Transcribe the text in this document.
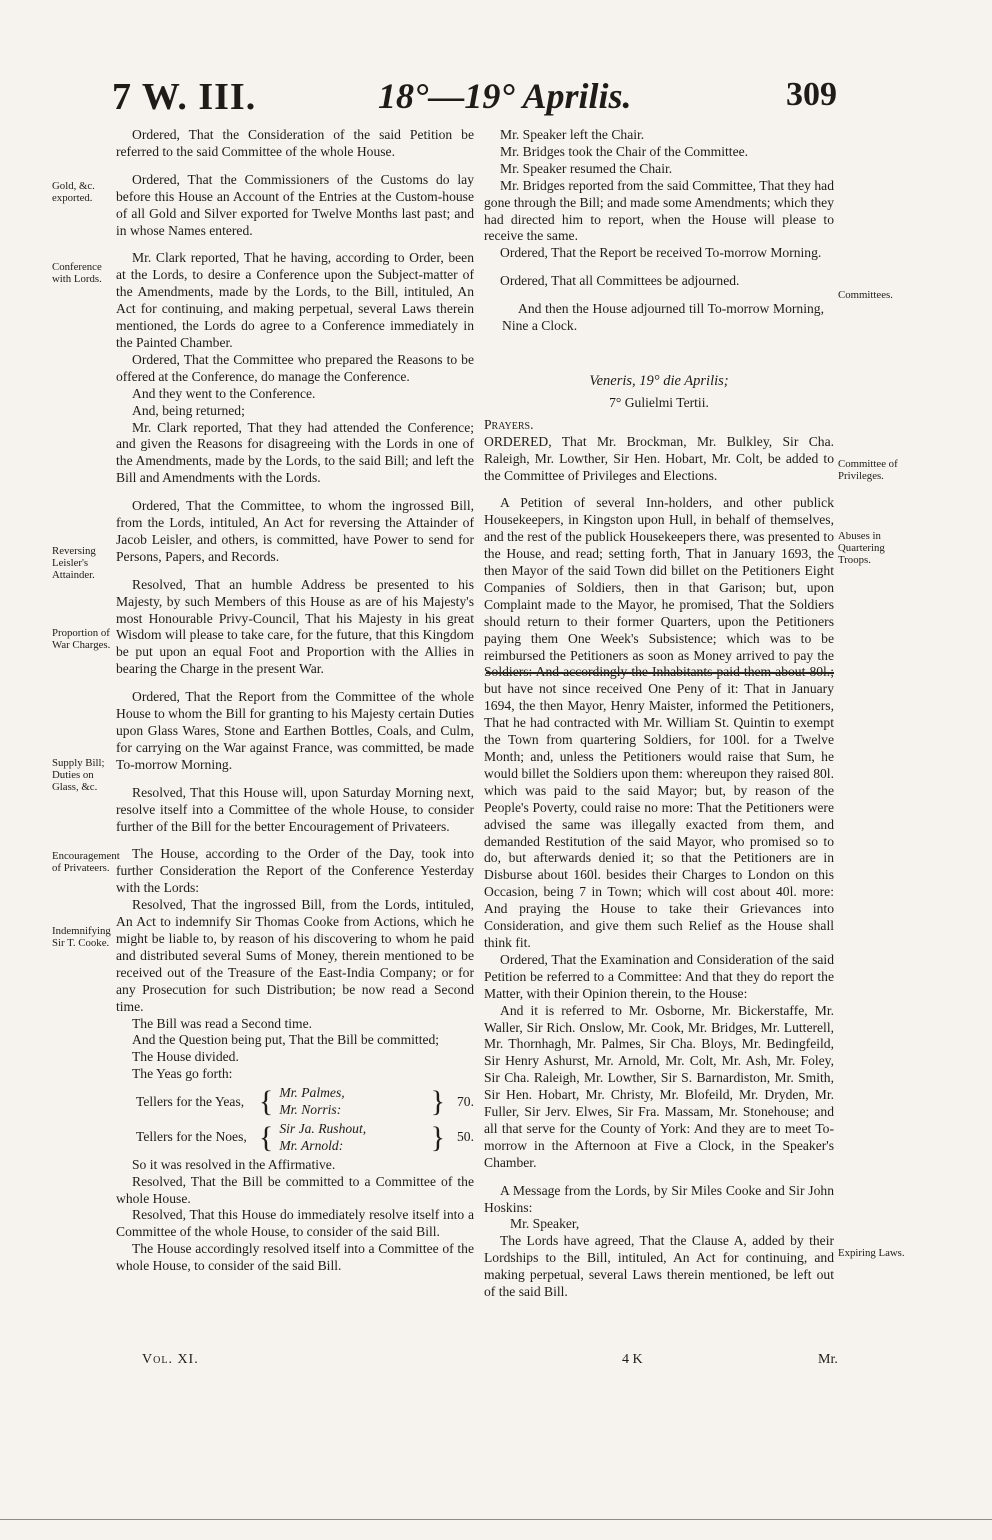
7 W. III.	18°—19° Aprilis.	309
Gold, &c. exported.
Conference with Lords.
Reversing Leisler's Attainder.
Proportion of War Charges.
Supply Bill; Duties on Glass, &c.
Encouragement of Privateers.
Indemnifying Sir T. Cooke.
Committees.
Committee of Privileges.
Abuses in Quartering Troops.
Expiring Laws.

Ordered, That the Consideration of the said Petition be referred to the said Committee of the whole House.

Ordered, That the Commissioners of the Customs do lay before this House an Account of the Entries at the Custom-house of all Gold and Silver exported for Twelve Months last past; and in whose Names entered.

Mr. Clark reported, That he having, according to Order, been at the Lords, to desire a Conference upon the Subject-matter of the Amendments, made by the Lords, to the Bill, intituled, An Act for continuing, and making perpetual, several Laws therein mentioned, the Lords do agree to a Conference immediately in the Painted Chamber.

Ordered, That the Committee who prepared the Reasons to be offered at the Conference, do manage the Conference.

And they went to the Conference.

And, being returned;

Mr. Clark reported, That they had attended the Conference; and given the Reasons for disagreeing with the Lords in one of the Amendments, made by the Lords, to the said Bill; and left the Bill and Amendments with the Lords.

Ordered, That the Committee, to whom the ingrossed Bill, from the Lords, intituled, An Act for reversing the Attainder of Jacob Leisler, and others, is committed, have Power to send for Persons, Papers, and Records.

Resolved, That an humble Address be presented to his Majesty, by such Members of this House as are of his Majesty's most Honourable Privy-Council, That his Majesty in his great Wisdom will please to take care, for the future, that this Kingdom be put upon an equal Foot and Proportion with the Allies in bearing the Charge in the present War.

Ordered, That the Report from the Committee of the whole House to whom the Bill for granting to his Majesty certain Duties upon Glass Wares, Stone and Earthen Bottles, Coals, and Culm, for carrying on the War against France, was committed, be made To-morrow Morning.

Resolved, That this House will, upon Saturday Morning next, resolve itself into a Committee of the whole House, to consider further of the Bill for the better Encouragement of Privateers.

The House, according to the Order of the Day, took into further Consideration the Report of the Conference Yesterday with the Lords:

Resolved, That the ingrossed Bill, from the Lords, intituled, An Act to indemnify Sir Thomas Cooke from Actions, which he might be liable to, by reason of his discovering to whom he paid and distributed several Sums of Money, therein mentioned to be received out of the Treasure of the East-India Company; or for any Prosecution for such Distribution; be now read a Second time.

The Bill was read a Second time.

And the Question being put, That the Bill be committed;

The House divided.

The Yeas go forth:

Tellers for the Yeas, { Mr. Palmes,
Mr. Norris:	} 70.
Tellers for the Noes, { Sir Ja. Rushout,
Mr. Arnold:	} 50.

So it was resolved in the Affirmative.

Resolved, That the Bill be committed to a Committee of the whole House.

Resolved, That this House do immediately resolve itself into a Committee of the whole House, to consider of the said Bill.

The House accordingly resolved itself into a Committee of the whole House, to consider of the said Bill.

Mr. Speaker left the Chair.

Mr. Bridges took the Chair of the Committee.

Mr. Speaker resumed the Chair.

Mr. Bridges reported from the said Committee, That they had gone through the Bill; and made some Amendments; which they had directed him to report, when the House will please to receive the same.

Ordered, That the Report be received To-morrow Morning.

Ordered, That all Committees be adjourned.

And then the House adjourned till To-morrow Morning, Nine a Clock.

Veneris, 19° die Aprilis;

7° Gulielmi Tertii.

Prayers.

ORDERED, That Mr. Brockman, Mr. Bulkley, Sir Cha. Raleigh, Mr. Lowther, Sir Hen. Hobart, Mr. Colt, be added to the Committee of Privileges and Elections.

A Petition of several Inn-holders, and other publick Housekeepers, in Kingston upon Hull, in behalf of themselves, and the rest of the publick Housekeepers there, was presented to the House, and read; setting forth, That in January 1693, the then Mayor of the said Town did billet on the Petitioners Eight Companies of Soldiers, then in that Garison; but, upon Complaint made to the Mayor, he promised, That the Soldiers should return to their former Quarters, upon the Petitioners paying them One Week's Subsistence; which was to be reimbursed the Petitioners as soon as Money arrived to pay the Soldiers: And accordingly the Inhabitants paid them about 80l.; but have not since received One Peny of it: That in January 1694, the then Mayor, Henry Maister, informed the Petitioners, That he had contracted with Mr. William St. Quintin to exempt the Town from quartering Soldiers, for 100l. for a Twelve Month; and, unless the Petitioners would raise that Sum, he would billet the Soldiers upon them: whereupon they raised 80l. which was paid to the said Mayor; but, by reason of the People's Poverty, could raise no more: That the Petitioners were advised the same was illegally exacted from them, and demanded Restitution of the said Mayor, who promised so to do, but afterwards denied it; so that the Petitioners are in Disburse about 160l. besides their Charges to London on this Occasion, being 7 in Town; which will cost about 40l. more: And praying the House to take their Grievances into Consideration, and give them such Relief as the House shall think fit.

Ordered, That the Examination and Consideration of the said Petition be referred to a Committee: And that they do report the Matter, with their Opinion therein, to the House:

And it is referred to Mr. Osborne, Mr. Bickerstaffe, Mr. Waller, Sir Rich. Onslow, Mr. Cook, Mr. Bridges, Mr. Lutterell, Mr. Thornhagh, Mr. Palmes, Sir Cha. Bloys, Mr. Bedingfeild, Sir Henry Ashurst, Mr. Arnold, Mr. Colt, Mr. Ash, Mr. Foley, Sir Cha. Raleigh, Mr. Lowther, Sir S. Barnardiston, Mr. Smith, Sir Hen. Hobart, Mr. Christy, Mr. Blofeild, Mr. Dryden, Mr. Fuller, Sir Jerv. Elwes, Sir Fra. Massam, Mr. Stonehouse; and all that serve for the County of York: And they are to meet To-morrow in the Afternoon at Five a Clock, in the Speaker's Chamber.

A Message from the Lords, by Sir Miles Cooke and Sir John Hoskins:

Mr. Speaker,

The Lords have agreed, That the Clause A, added by their Lordships to the Bill, intituled, An Act for continuing, and making perpetual, several Laws therein mentioned, be left out of the said Bill.

Vol. XI.	4 K	Mr.
